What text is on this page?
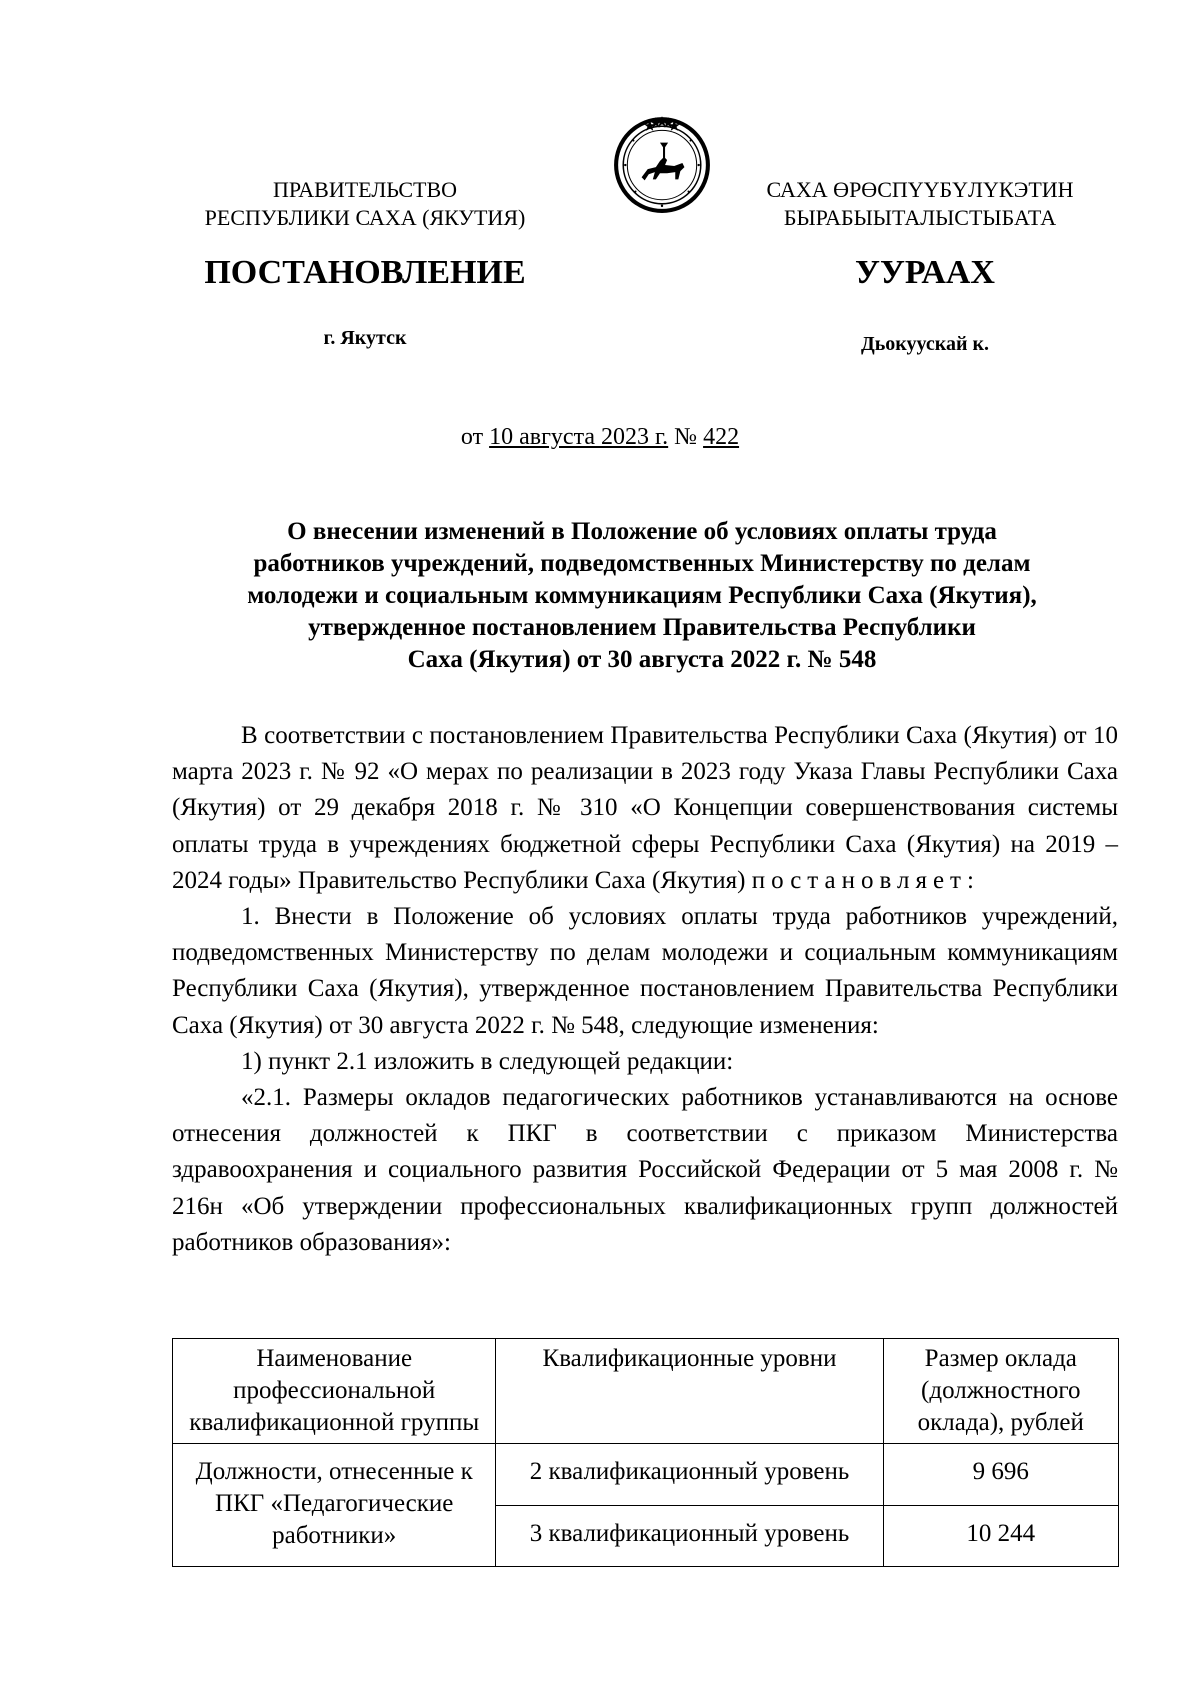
ПРАВИТЕЛЬСТВО
РЕСПУБЛИКИ САХА (ЯКУТИЯ)
САХА ӨРӨСПҮҮБҮЛҮКЭТИН
БЫРАБЫЫТАЛЫСТЫБАТА
ПОСТАНОВЛЕНИЕ	УУРААХ
г. Якутск	Дьокуускай к.
от 10 августа 2023 г. № 422
О внесении изменений в Положение об условиях оплаты труда
работников учреждений, подведомственных Министерству по делам
молодежи и социальным коммуникациям Республики Саха (Якутия),
утвержденное постановлением Правительства Республики
Саха (Якутия) от 30 августа 2022 г. № 548

В соответствии с постановлением Правительства Республики Саха (Якутия) от 10 марта 2023 г. № 92 «О мерах по реализации в 2023 году Указа Главы Республики Саха (Якутия) от 29 декабря 2018 г. № 310 «О Концепции совершенствования системы оплаты труда в учреждениях бюджетной сферы Республики Саха (Якутия) на 2019 – 2024 годы» Правительство Республики Саха (Якутия) постановляет:

1. Внести в Положение об условиях оплаты труда работников учреждений, подведомственных Министерству по делам молодежи и социальным коммуникациям Республики Саха (Якутия), утвержденное постановлением Правительства Республики Саха (Якутия) от 30 августа 2022 г. № 548, следующие изменения:

1) пункт 2.1 изложить в следующей редакции:

«2.1. Размеры окладов педагогических работников устанавливаются на основе отнесения должностей к ПКГ в соответствии с приказом Министерства здравоохранения и социального развития Российской Федерации от 5 мая 2008 г. № 216н «Об утверждении профессиональных квалификационных групп должностей работников образования»:

Наименование профессиональной квалификационной группы	Квалификационные уровни	Размер оклада (должностного оклада), рублей
Должности, отнесенные к ПКГ «Педагогические работники»	2 квалификационный уровень	9 696
	3 квалификационный уровень	10 244
